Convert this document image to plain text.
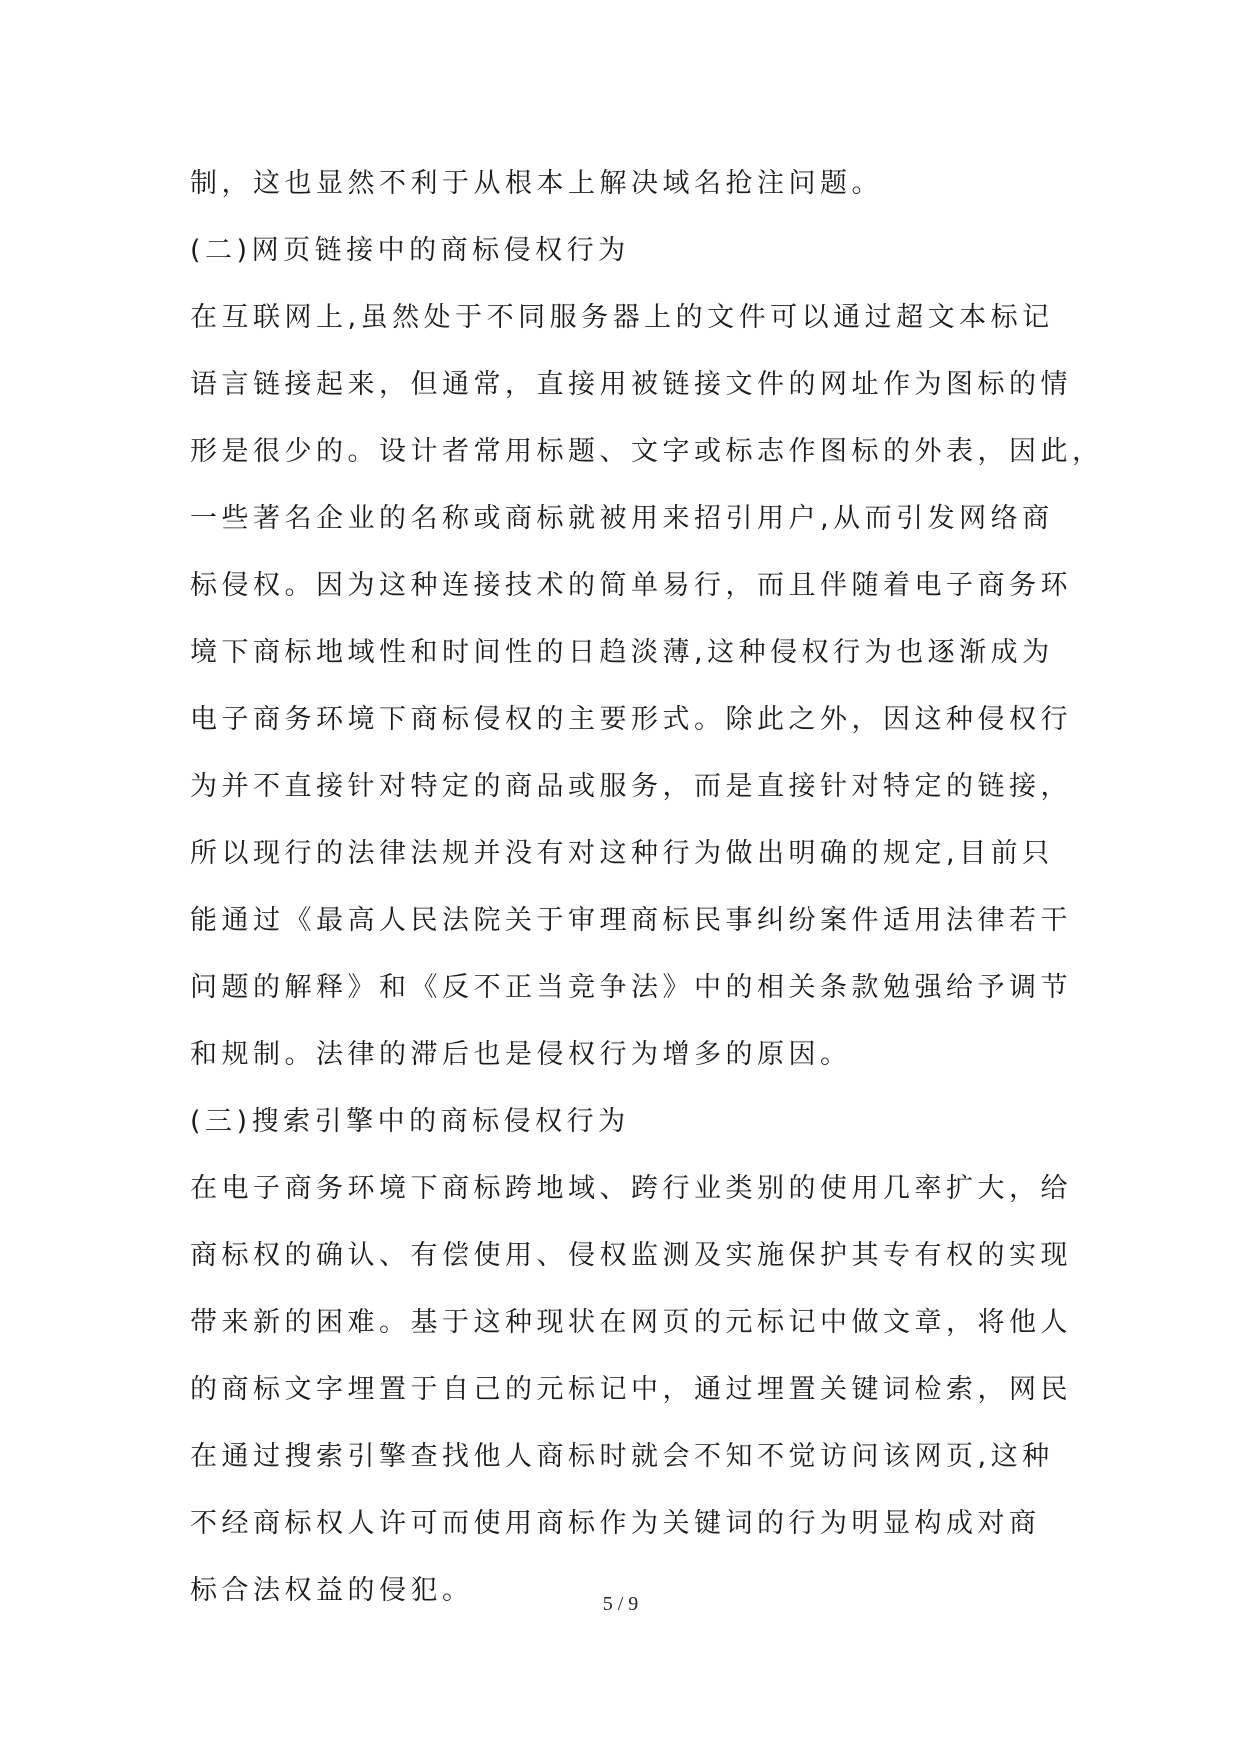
制，这也显然不利于从根本上解决域名抢注问题。
(二)网页链接中的商标侵权行为
在互联网上,虽然处于不同服务器上的文件可以通过超文本标记
语言链接起来，但通常，直接用被链接文件的网址作为图标的情
形是很少的。设计者常用标题、文字或标志作图标的外表，因此，
一些著名企业的名称或商标就被用来招引用户,从而引发网络商
标侵权。因为这种连接技术的简单易行，而且伴随着电子商务环
境下商标地域性和时间性的日趋淡薄,这种侵权行为也逐渐成为
电子商务环境下商标侵权的主要形式。除此之外，因这种侵权行
为并不直接针对特定的商品或服务，而是直接针对特定的链接，
所以现行的法律法规并没有对这种行为做出明确的规定,目前只
能通过《最高人民法院关于审理商标民事纠纷案件适用法律若干
问题的解释》和《反不正当竞争法》中的相关条款勉强给予调节
和规制。法律的滞后也是侵权行为增多的原因。
(三)搜索引擎中的商标侵权行为
在电子商务环境下商标跨地域、跨行业类别的使用几率扩大，给
商标权的确认、有偿使用、侵权监测及实施保护其专有权的实现
带来新的困难。基于这种现状在网页的元标记中做文章，将他人
的商标文字埋置于自己的元标记中，通过埋置关键词检索，网民
在通过搜索引擎查找他人商标时就会不知不觉访问该网页,这种
不经商标权人许可而使用商标作为关键词的行为明显构成对商
标合法权益的侵犯。	5 / 9
